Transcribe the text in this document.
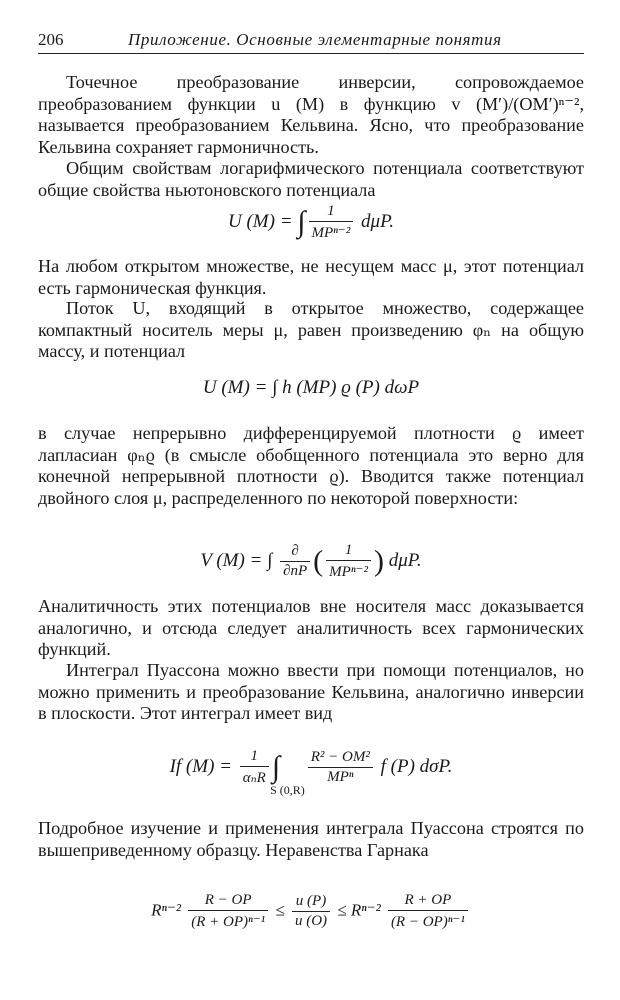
206	Приложение. Основные элементарные понятия

Точечное преобразование инверсии, сопровождаемое преобразованием функции u (M) в функцию v (M′)/(OM′)ⁿ⁻², называется преобразованием Кельвина. Ясно, что преобразование Кельвина сохраняет гармоничность.

Общим свойствам логарифмического потенциала соответствуют общие свойства ньютоновского потенциала

U (M) = ∫ $\frac{1}{\text{MPⁿ⁻²}} d\mu P$.

На любом открытом множестве, не несущем масс μ, этот потенциал есть гармоническая функция.

Поток U, входящий в открытое множество, содержащее компактный носитель меры μ, равен произведению φₙ на общую массу, и потенциал

U (M) = ∫ h (MP) ϱ (P) dωP

в случае непрерывно дифференцируемой плотности ϱ имеет лапласиан φₙϱ (в смысле обобщенного потенциала это верно для конечной непрерывной плотности ϱ). Вводится также потенциал двойного слоя μ, распределенного по некоторой поверхности:

V (M) = ∫ $\frac{\partial}{\partial nP}$ ( $\frac{1}{\text{MPⁿ⁻²}}$ ) dμP.

Аналитичность этих потенциалов вне носителя масс доказывается аналогично, и отсюда следует аналитичность всех гармонических функций.

Интеграл Пуассона можно ввести при помощи потенциалов, но можно применить и преобразование Кельвина, аналогично инверсии в плоскости. Этот интеграл имеет вид

If $(M) = \frac{1}{\text{αₙR}} \int S$ (0,R)
$\frac{\text{R² − OM²}}{\text{MPⁿ}}$ f (P) dσP.

Подробное изучение и применения интеграла Пуассона строятся по вышеприведенному образцу. Неравенства Гарнака

$R^{n-2} \frac{R - OP}{\text{(R + OP)ⁿ⁻¹}} \le \frac{u (P)}{u (O)} \le R^{n-2} \frac{R + OP}{\text{(R − OP)ⁿ⁻¹}}$
